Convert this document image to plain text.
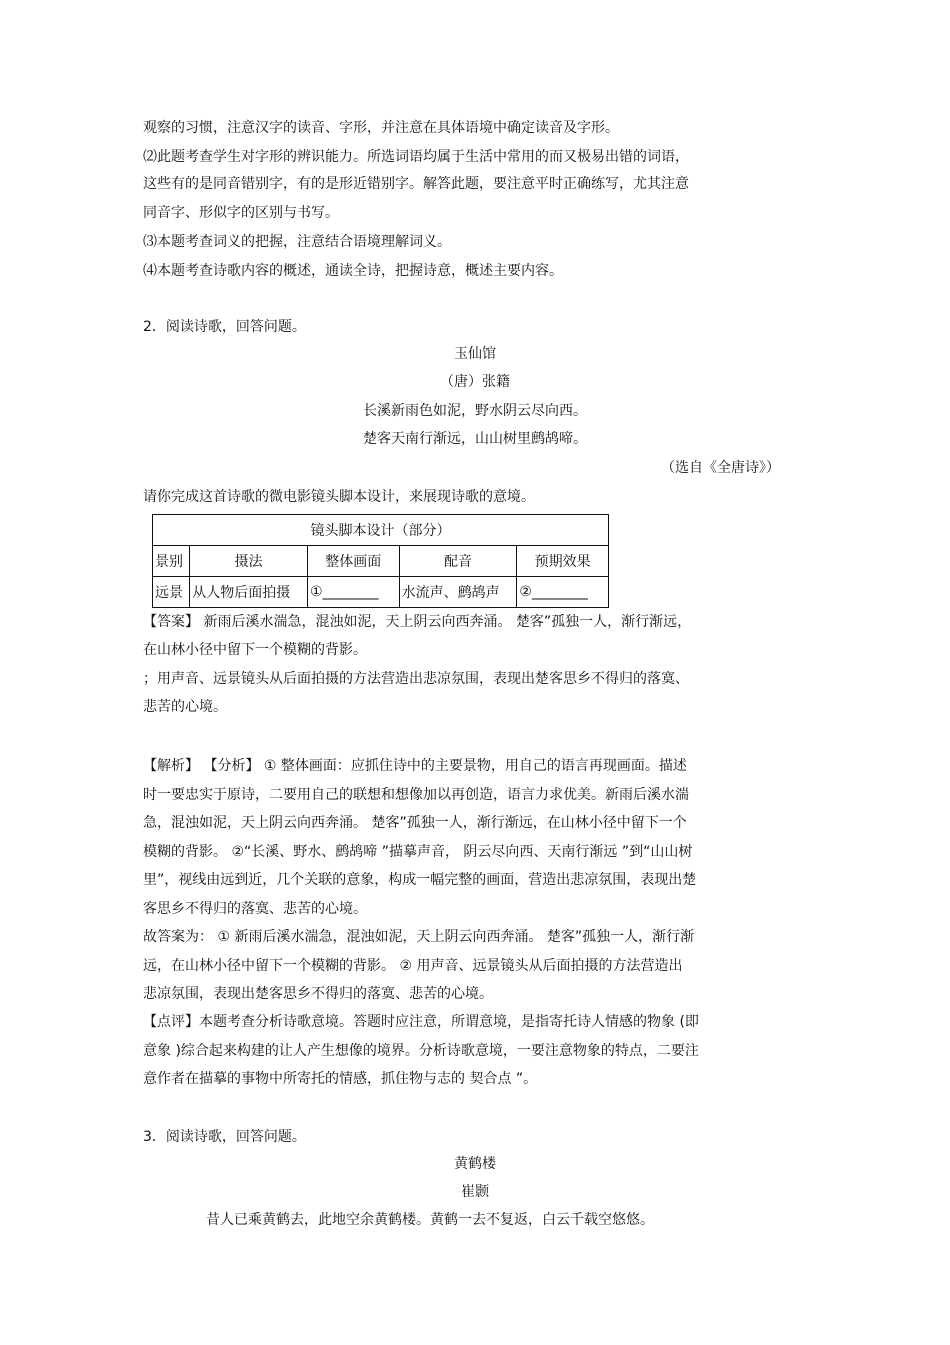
观察的习惯，注意汉字的读音、字形，并注意在具体语境中确定读音及字形。
⑵此题考查学生对字形的辨识能力。所选词语均属于生活中常用的而又极易出错的词语，
这些有的是同音错别字，有的是形近错别字。解答此题，要注意平时正确练写，尤其注意
同音字、形似字的区别与书写。
⑶本题考查词义的把握，注意结合语境理解词义。
⑷本题考查诗歌内容的概述，通读全诗，把握诗意，概述主要内容。
2．阅读诗歌，回答问题。
玉仙馆
（唐）张籍
长溪新雨色如泥，野水阴云尽向西。
楚客天南行渐远，山山树里鹧鸪啼。
（选自《全唐诗》）
请你完成这首诗歌的微电影镜头脚本设计，来展现诗歌的意境。
镜头脚本设计（部分）				
景别	摄法	整体画面	配音	预期效果
远景	从人物后面拍摄	①________	水流声、鹧鸪声	②________
【答案】 新雨后溪水湍急，混浊如泥，天上阴云向西奔涌。 楚客”孤独一人，渐行渐远，
在山林小径中留下一个模糊的背影。
；用声音、远景镜头从后面拍摄的方法营造出悲凉氛围，表现出楚客思乡不得归的落寞、
悲苦的心境。
【解析】 【分析】 ① 整体画面：应抓住诗中的主要景物，用自己的语言再现画面。描述
时一要忠实于原诗，二要用自己的联想和想像加以再创造，语言力求优美。新雨后溪水湍
急，混浊如泥，天上阴云向西奔涌。 楚客”孤独一人，渐行渐远，在山林小径中留下一个
模糊的背影。 ②“长溪、野水、鹧鸪啼 ”描摹声音， 阴云尽向西、天南行渐远 ”到“山山树
里”，视线由远到近，几个关联的意象，构成一幅完整的画面，营造出悲凉氛围，表现出楚
客思乡不得归的落寞、悲苦的心境。
故答案为： ① 新雨后溪水湍急，混浊如泥，天上阴云向西奔涌。 楚客”孤独一人，渐行渐
远，在山林小径中留下一个模糊的背影。 ② 用声音、远景镜头从后面拍摄的方法营造出
悲凉氛围，表现出楚客思乡不得归的落寞、悲苦的心境。
【点评】本题考查分析诗歌意境。答题时应注意，所谓意境，是指寄托诗人情感的物象 (即
意象 )综合起来构建的让人产生想像的境界。分析诗歌意境，一要注意物象的特点，二要注
意作者在描摹的事物中所寄托的情感，抓住物与志的 契合点 ”。
3．阅读诗歌，回答问题。
黄鹤楼
崔颢
昔人已乘黄鹤去，此地空余黄鹤楼。黄鹤一去不复返，白云千载空悠悠。
